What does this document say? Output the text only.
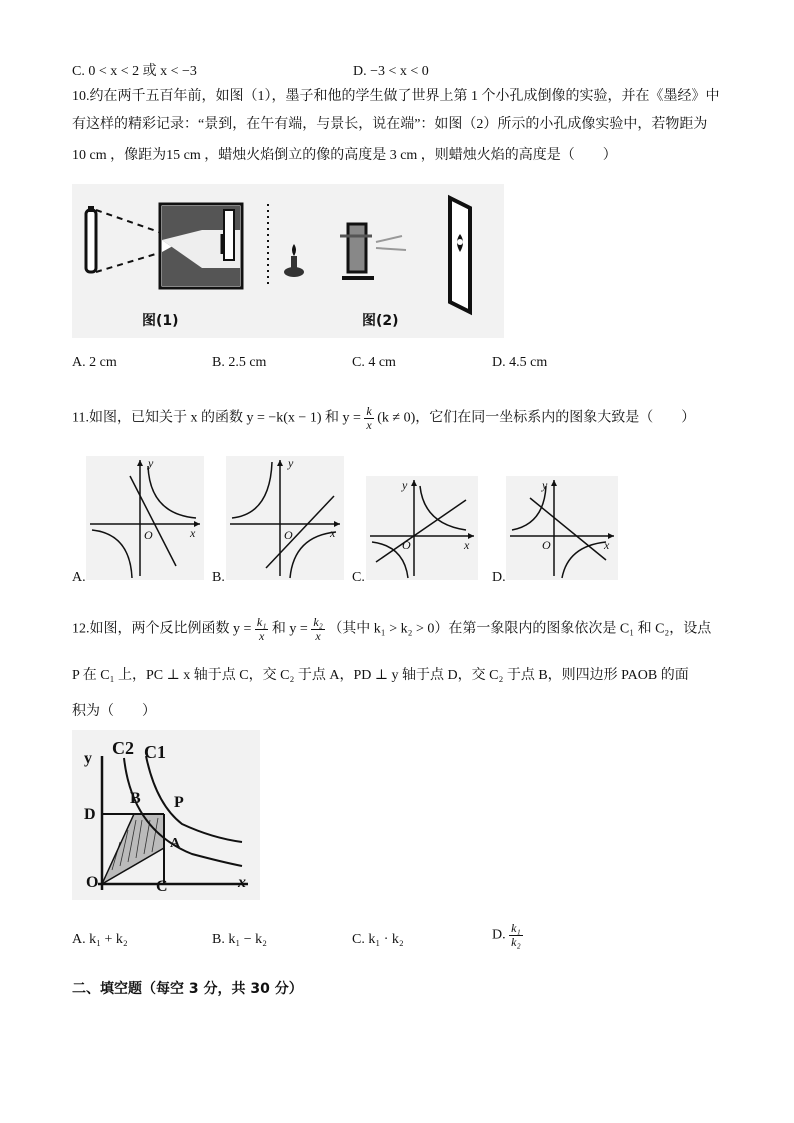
C. 0 < x < 2 或 x < −3	D. −3 < x < 0
10.约在两千五百年前，如图（1），墨子和他的学生做了世界上第 1 个小孔成倒像的实验，并在《墨经》中
有这样的精彩记录：“景到，在午有端，与景长，说在端”：如图（2）所示的小孔成像实验中，若物距为
10 cm ，像距为15 cm ，蜡烛火焰倒立的像的高度是 3 cm ，则蜡烛火焰的高度是（　　）
图(1)	图(2)
A. 2 cm	B. 2.5 cm	C. 4 cm	D. 4.5 cm
11.如图，已知关于 x 的函数 y = −k(x − 1) 和 $y = \frac{k}{x} (k \ne 0)$，它们在同一坐标系内的图象大致是（　　）
y
x
O
A.
y
x
O
B.
y
x
O
C.
y
x
O
D.
12.如图，两个反比例函数 $y = \frac{\text{k₁}}{x}$ 和 $y = \frac{\text{k₂}}{x}$ （其中 k₁ > k₂ > 0）在第一象限内的图象依次是 C₁ 和 C₂，设点
P 在 C₁ 上，PC ⊥ x 轴于点 C，交 C₂ 于点 A，PD ⊥ y 轴于点 D，交 C₂ 于点 B，则四边形 PAOB 的面
积为（　　）
y
C2 C1
D
B P
A
O	C	x
A. k₁ + k₂	B. k₁ − k₂	C. k₁ · k₂	D. $\frac{\text{k₁}}{\text{k₂}}$
二、填空题（每空 3 分，共 30 分）
